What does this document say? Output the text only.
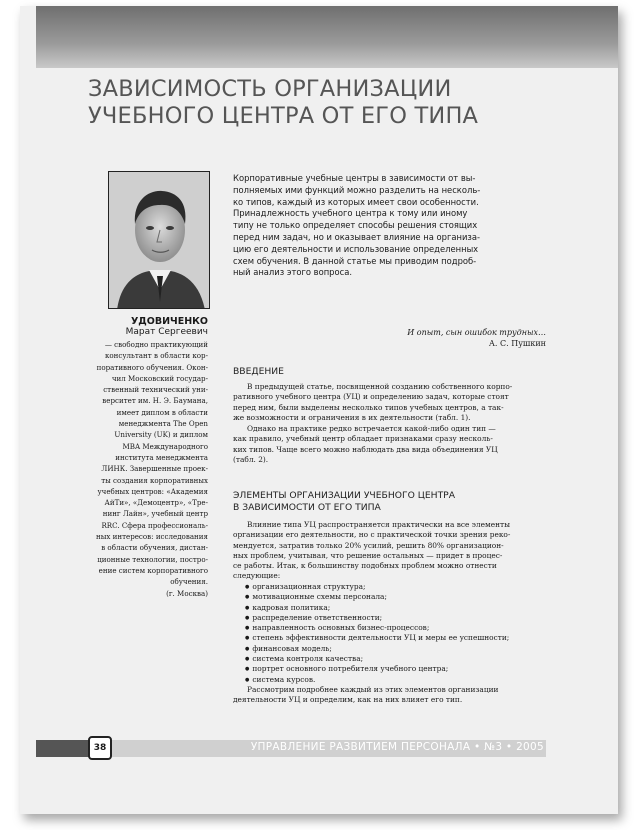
ЗАВИСИМОСТЬ ОРГАНИЗАЦИИ
УЧЕБНОГО ЦЕНТРА ОТ ЕГО ТИПА
УДОВИЧЕНКО
Марат Сергеевич
— свободно практикующий
консультант в области кор-
поративного обучения. Окон-
чил Московский государ-
ственный технический уни-
верситет им. Н. Э. Баумана,
имеет диплом в области
менеджмента The Open
University (UK) и диплом
MBA Международного
института менеджмента
ЛИНК. Завершенные проек-
ты создания корпоративных
учебных центров: «Академия
АйТи», «Демоцентр», «Тре-
нинг Лайн», учебный центр
RRC. Сфера профессиональ-
ных интересов: исследования
в области обучения, дистан-
ционные технологии, постро-
ение систем корпоративного
обучения.
(г. Москва)
Корпоративные учебные центры в зависимости от вы-
полняемых ими функций можно разделить на несколь-
ко типов, каждый из которых имеет свои особенности.
Принадлежность учебного центра к тому или иному
типу не только определяет способы решения стоящих
перед ним задач, но и оказывает влияние на организа-
цию его деятельности и использование определенных
схем обучения. В данной статье мы приводим подроб-
ный анализ этого вопроса.
И опыт, сын ошибок трудных…
А. С. Пушкин
ВВЕДЕНИЕ
В предыдущей статье, посвященной созданию собственного корпо-
ративного учебного центра (УЦ) и определению задач, которые стоят
перед ним, были выделены несколько типов учебных центров, а так-
же возможности и ограничения в их деятельности (табл. 1).
Однако на практике редко встречается какой-либо один тип —
как правило, учебный центр обладает признаками сразу несколь-
ких типов. Чаще всего можно наблюдать два вида объединения УЦ
(табл. 2).
ЭЛЕМЕНТЫ ОРГАНИЗАЦИИ УЧЕБНОГО ЦЕНТРА
В ЗАВИСИМОСТИ ОТ ЕГО ТИПА
Влияние типа УЦ распространяется практически на все элементы
организации его деятельности, но с практической точки зрения реко-
мендуется, затратив только 20% усилий, решить 80% организацион-
ных проблем, учитывая, что решение остальных — придет в процес-
се работы. Итак, к большинству подобных проблем можно отнести
следующие:
● организационная структура;
● мотивационные схемы персонала;
● кадровая политика;
● распределение ответственности;
● направленность основных бизнес-процессов;
● степень эффективности деятельности УЦ и меры ее успешности;
● финансовая модель;
● система контроля качества;
● портрет основного потребителя учебного центра;
● система курсов.
Рассмотрим подробнее каждый из этих элементов организации
деятельности УЦ и определим, как на них влияет его тип.
38	УПРАВЛЕНИЕ РАЗВИТИЕМ ПЕРСОНАЛА • №3 • 2005
